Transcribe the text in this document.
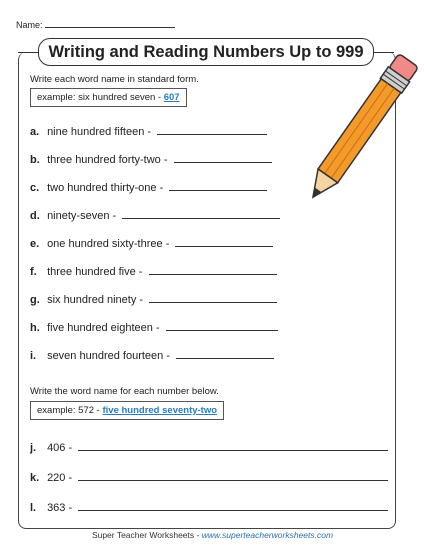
Name:
Writing and Reading Numbers Up to 999
Write each word name in standard form.
example: six hundred seven - 607
a. nine hundred fifteen -
b. three hundred forty-two -
c. two hundred thirty-one -
d. ninety-seven -
e. one hundred sixty-three -
f. three hundred five -
g. six hundred ninety -
h. five hundred eighteen -
i. seven hundred fourteen -
Write the word name for each number below.
example: 572 - five hundred seventy-two
j. 406 -
k. 220 -
l. 363 -
Super Teacher Worksheets - www.superteacherworksheets.com
